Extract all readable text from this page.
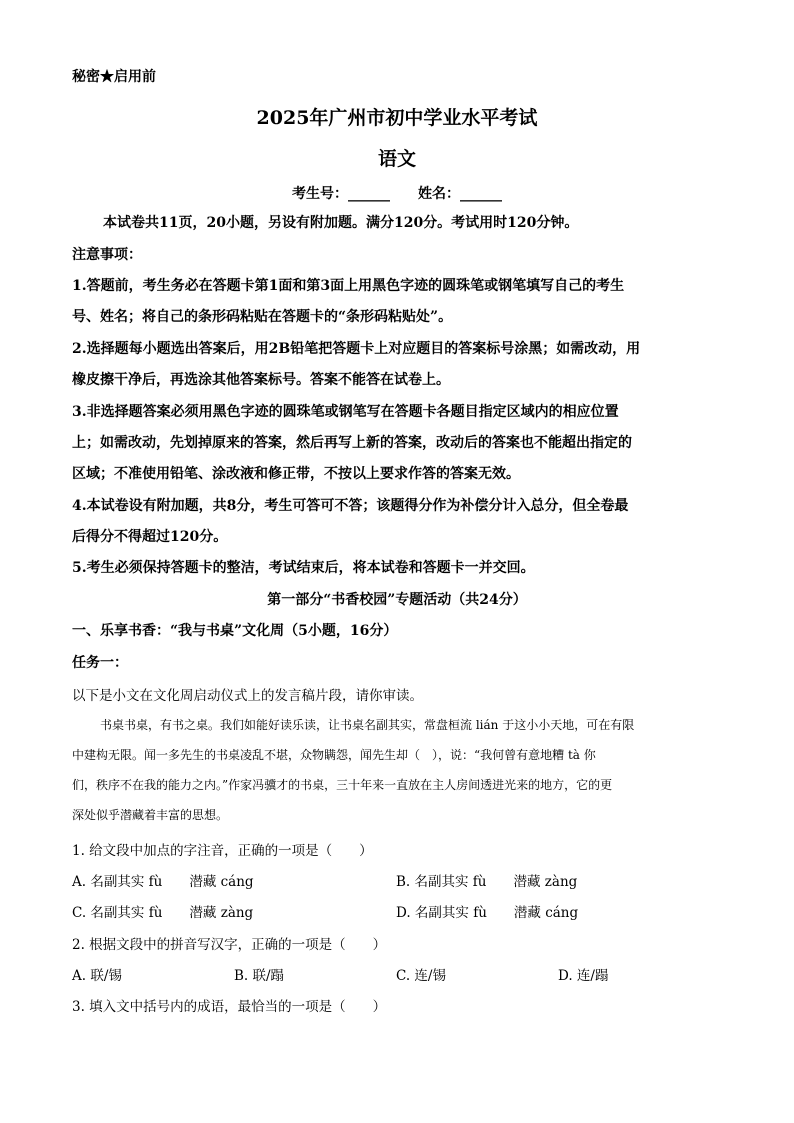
秘密★启用前
2025年广州市初中学业水平考试
语文
考生号：______　　姓名：______
本试卷共11页，20小题，另设有附加题。满分120分。考试用时120分钟。
注意事项：
1.答题前，考生务必在答题卡第1面和第3面上用黑色字迹的圆珠笔或钢笔填写自己的考生
号、姓名；将自己的条形码粘贴在答题卡的“条形码粘贴处”。
2.选择题每小题选出答案后，用2B铅笔把答题卡上对应题目的答案标号涂黑；如需改动，用
橡皮擦干净后，再选涂其他答案标号。答案不能答在试卷上。
3.非选择题答案必须用黑色字迹的圆珠笔或钢笔写在答题卡各题目指定区域内的相应位置
上；如需改动，先划掉原来的答案，然后再写上新的答案，改动后的答案也不能超出指定的
区域；不准使用铅笔、涂改液和修正带，不按以上要求作答的答案无效。
4.本试卷设有附加题，共8分，考生可答可不答；该题得分作为补偿分计入总分，但全卷最
后得分不得超过120分。
5.考生必须保持答题卡的整洁，考试结束后，将本试卷和答题卡一并交回。
第一部分“书香校园”专题活动（共24分）
一、乐享书香：“我与书桌”文化周（5小题，16分）
任务一：
以下是小文在文化周启动仪式上的发言稿片段，请你审读。
书桌书桌，有书之桌。我们如能好读乐读，让书桌名副其实，常盘桓流 lián 于这小小天地，可在有限
中建构无限。闻一多先生的书桌凌乱不堪，众物瞒怨，闻先生却（　），说：“我何曾有意地糟 tà 你
们，秩序不在我的能力之内。”作家冯骥才的书桌，三十年来一直放在主人房间透进光来的地方，它的更
深处似乎潜藏着丰富的思想。
1. 给文段中加点的字注音，正确的一项是（　　）
A. 名副其实 fù　　潜藏 cáng	B. 名副其实 fù　　潜藏 zàng
C. 名副其实 fù　　潜藏 zàng	D. 名副其实 fù　　潜藏 cáng
2. 根据文段中的拼音写汉字，正确的一项是（　　）
A. 联/锡	B. 联/蹋	C. 连/锡	D. 连/蹋
3. 填入文中括号内的成语，最恰当的一项是（　　）
